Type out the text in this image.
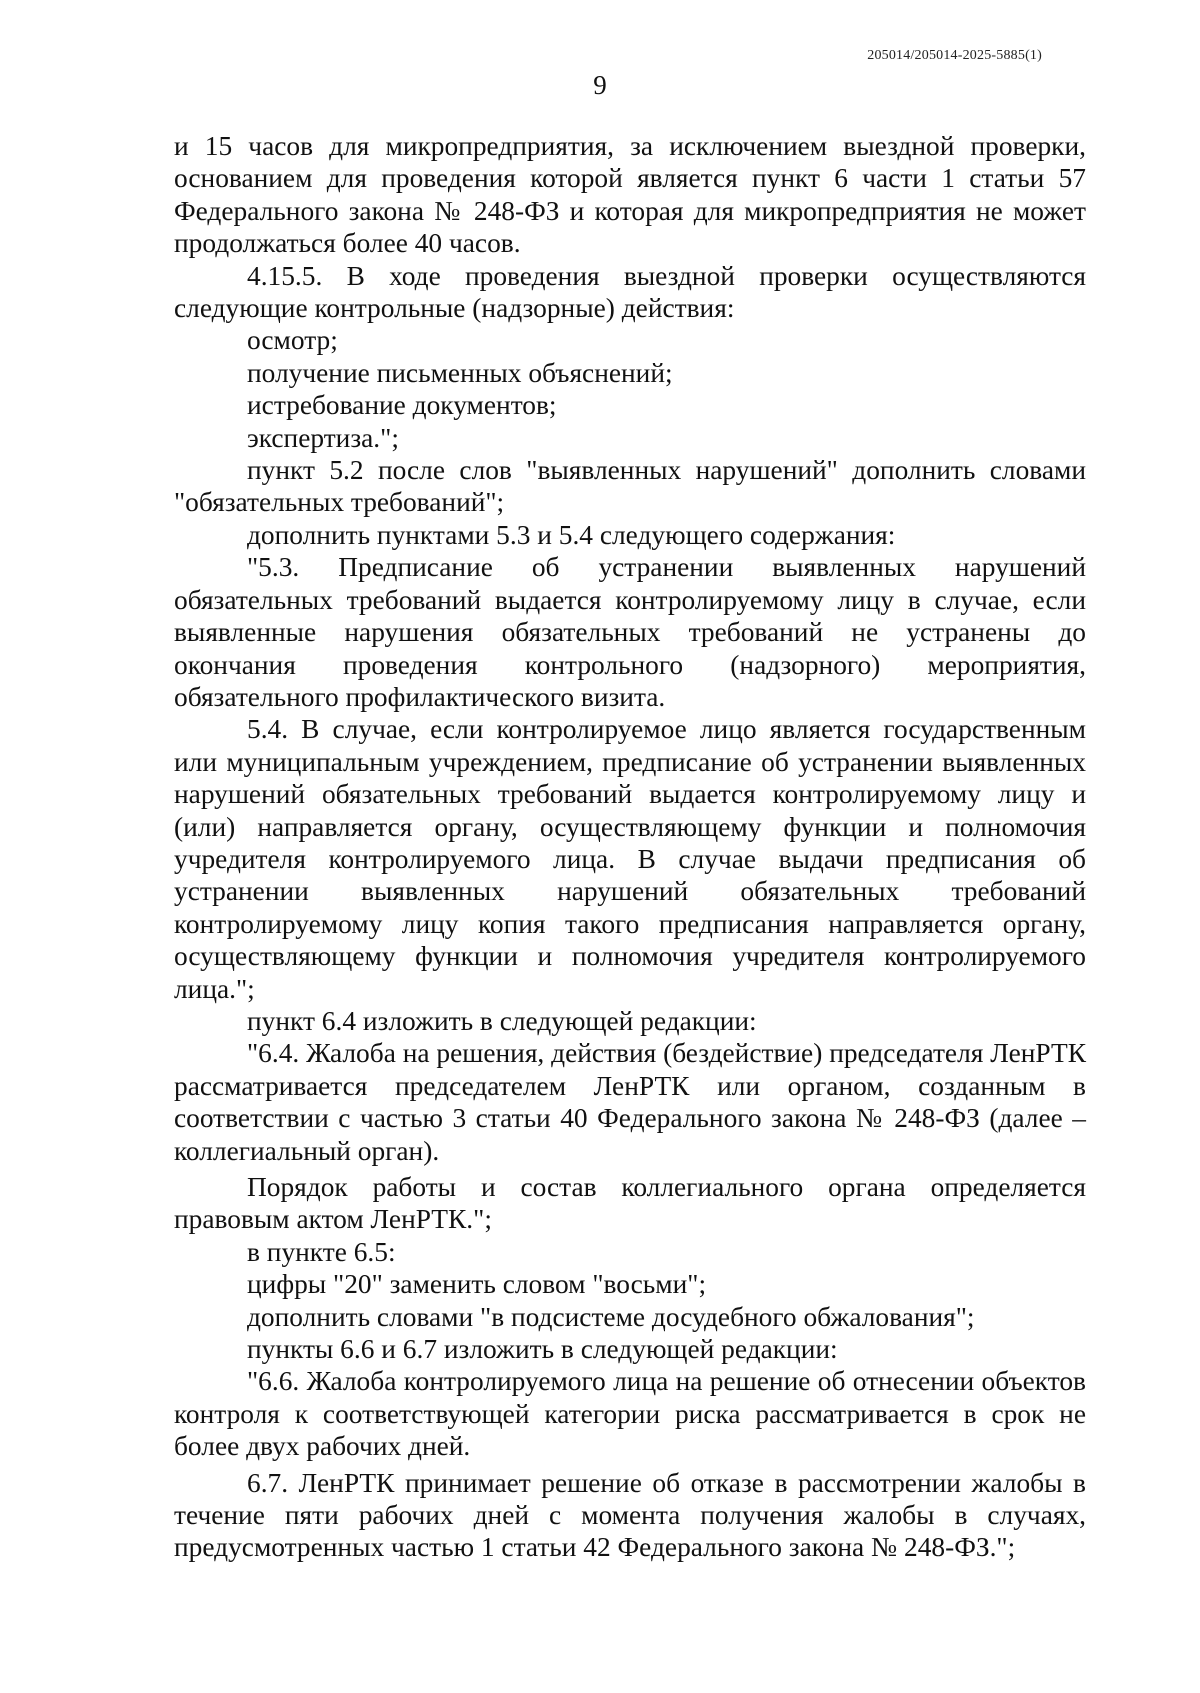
205014/205014-2025-5885(1)
9

и 15 часов для микропредприятия, за исключением выездной проверки, основанием для проведения которой является пункт 6 части 1 статьи 57 Федерального закона № 248-ФЗ и которая для микропредприятия не может продолжаться более 40 часов.

4.15.5. В ходе проведения выездной проверки осуществляются следующие контрольные (надзорные) действия:

осмотр;

получение письменных объяснений;

истребование документов;

экспертиза.";

пункт 5.2 после слов "выявленных нарушений" дополнить словами "обязательных требований";

дополнить пунктами 5.3 и 5.4 следующего содержания:

"5.3. Предписание об устранении выявленных нарушений обязательных требований выдается контролируемому лицу в случае, если выявленные нарушения обязательных требований не устранены до окончания проведения контрольного (надзорного) мероприятия, обязательного профилактического визита.

5.4. В случае, если контролируемое лицо является государственным или муниципальным учреждением, предписание об устранении выявленных нарушений обязательных требований выдается контролируемому лицу и (или) направляется органу, осуществляющему функции и полномочия учредителя контролируемого лица. В случае выдачи предписания об устранении выявленных нарушений обязательных требований контролируемому лицу копия такого предписания направляется органу, осуществляющему функции и полномочия учредителя контролируемого лица.";

пункт 6.4 изложить в следующей редакции:

"6.4. Жалоба на решения, действия (бездействие) председателя ЛенРТК рассматривается председателем ЛенРТК или органом, созданным в соответствии с частью 3 статьи 40 Федерального закона № 248-ФЗ (далее – коллегиальный орган).

Порядок работы и состав коллегиального органа определяется правовым актом ЛенРТК.";

в пункте 6.5:

цифры "20" заменить словом "восьми";

дополнить словами "в подсистеме досудебного обжалования";

пункты 6.6 и 6.7 изложить в следующей редакции:

"6.6. Жалоба контролируемого лица на решение об отнесении объектов контроля к соответствующей категории риска рассматривается в срок не более двух рабочих дней.

6.7. ЛенРТК принимает решение об отказе в рассмотрении жалобы в течение пяти рабочих дней с момента получения жалобы в случаях, предусмотренных частью 1 статьи 42 Федерального закона № 248-ФЗ.";
